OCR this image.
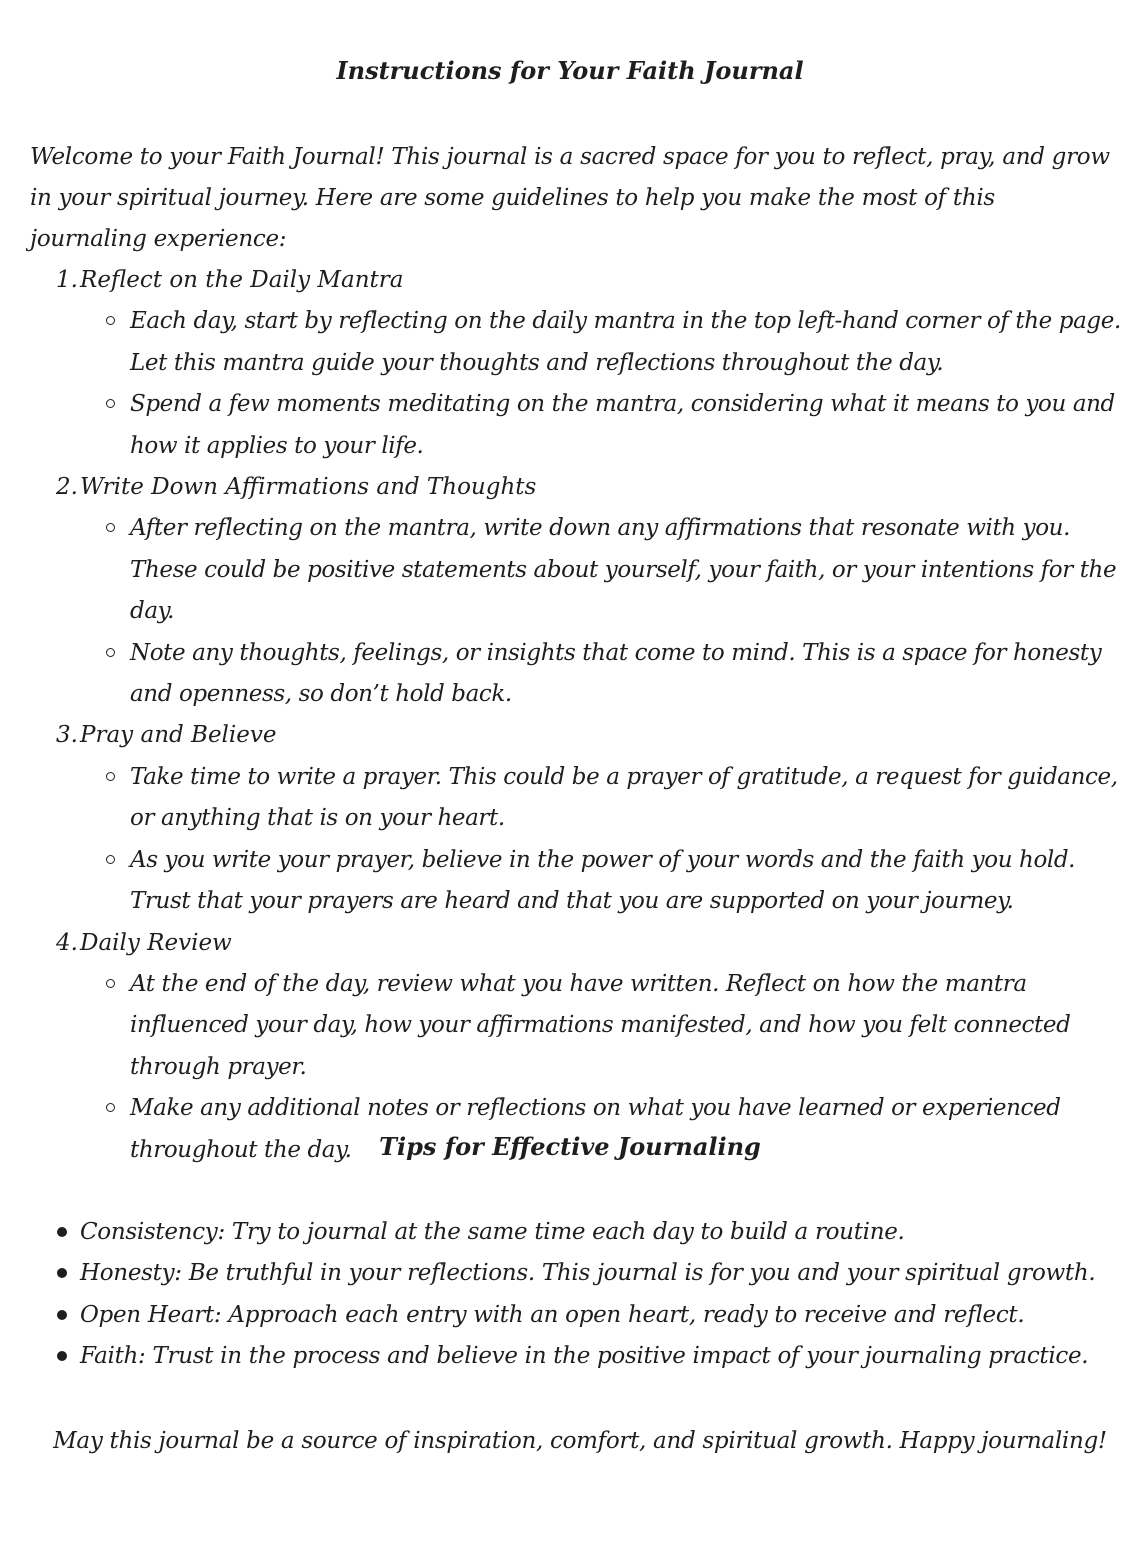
Instructions for Your Faith Journal

Welcome to your Faith Journal! This journal is a sacred space for you to reflect, pray, and grow in your spiritual journey. Here are some guidelines to help you make the most of this journaling experience:

1. Reflect on the Daily Mantra
Each day, start by reflecting on the daily mantra in the top left-hand corner of the page. Let this mantra guide your thoughts and reflections throughout the day.
Spend a few moments meditating on the mantra, considering what it means to you and how it applies to your life.
2. Write Down Affirmations and Thoughts
After reflecting on the mantra, write down any affirmations that resonate with you. These could be positive statements about yourself, your faith, or your intentions for the day.
Note any thoughts, feelings, or insights that come to mind. This is a space for honesty and openness, so don’t hold back.
3. Pray and Believe
Take time to write a prayer. This could be a prayer of gratitude, a request for guidance, or anything that is on your heart.
As you write your prayer, believe in the power of your words and the faith you hold. Trust that your prayers are heard and that you are supported on your journey.
4. Daily Review
At the end of the day, review what you have written. Reflect on how the mantra influenced your day, how your affirmations manifested, and how you felt connected through prayer.
Make any additional notes or reflections on what you have learned or experienced throughout the day.	Tips for Effective Journaling
Consistency: Try to journal at the same time each day to build a routine.
Honesty: Be truthful in your reflections. This journal is for you and your spiritual growth.
Open Heart: Approach each entry with an open heart, ready to receive and reflect.
Faith: Trust in the process and believe in the positive impact of your journaling practice.

May this journal be a source of inspiration, comfort, and spiritual growth. Happy journaling!
